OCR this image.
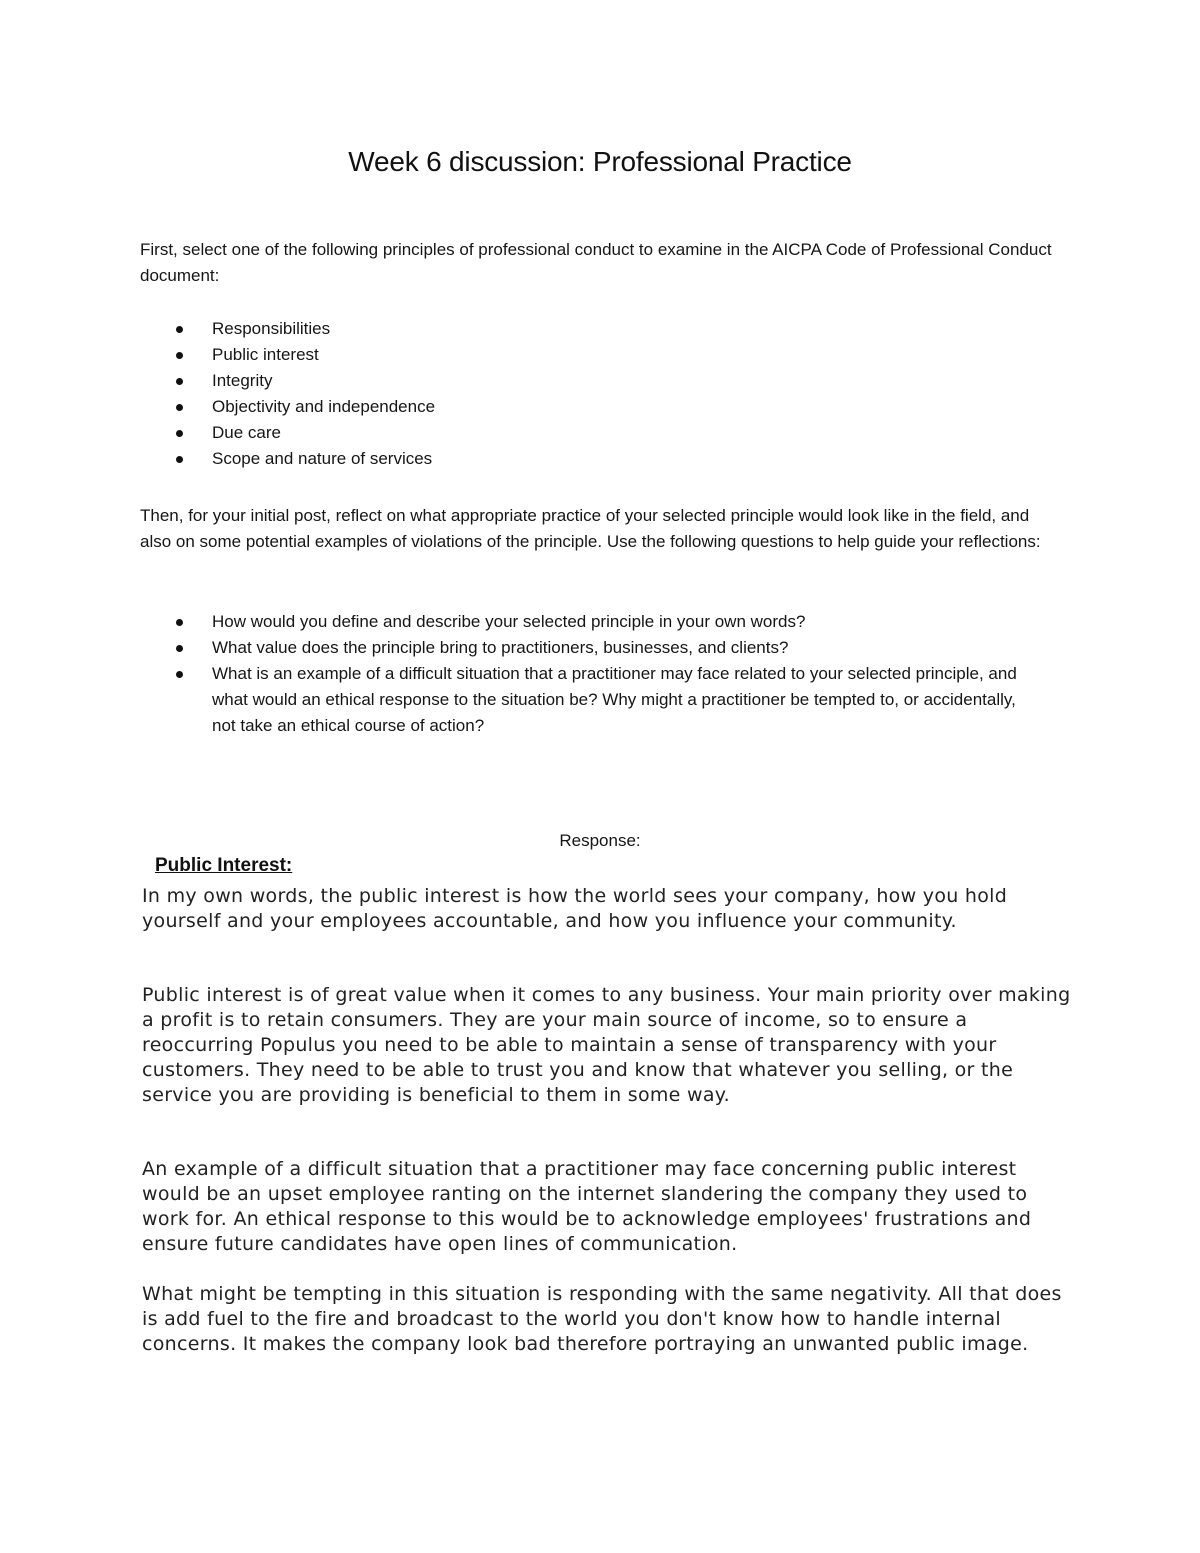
Week 6 discussion: Professional Practice

First, select one of the following principles of professional conduct to examine in the AICPA Code of Professional Conduct document:

Responsibilities
Public interest
Integrity
Objectivity and independence
Due care
Scope and nature of services

Then, for your initial post, reflect on what appropriate practice of your selected principle would look like in the field, and also on some potential examples of violations of the principle. Use the following questions to help guide your reflections:

How would you define and describe your selected principle in your own words?
What value does the principle bring to practitioners, businesses, and clients?
What is an example of a difficult situation that a practitioner may face related to your selected principle, and what would an ethical response to the situation be? Why might a practitioner be tempted to, or accidentally, not take an ethical course of action?

Response:

Public Interest:

In my own words, the public interest is how the world sees your company, how you hold yourself and your employees accountable, and how you influence your community.

Public interest is of great value when it comes to any business. Your main priority over making a profit is to retain consumers. They are your main source of income, so to ensure a reoccurring Populus you need to be able to maintain a sense of transparency with your customers. They need to be able to trust you and know that whatever you selling, or the service you are providing is beneficial to them in some way.

An example of a difficult situation that a practitioner may face concerning public interest would be an upset employee ranting on the internet slandering the company they used to work for. An ethical response to this would be to acknowledge employees' frustrations and ensure future candidates have open lines of communication.

What might be tempting in this situation is responding with the same negativity. All that does is add fuel to the fire and broadcast to the world you don't know how to handle internal concerns. It makes the company look bad therefore portraying an unwanted public image.
